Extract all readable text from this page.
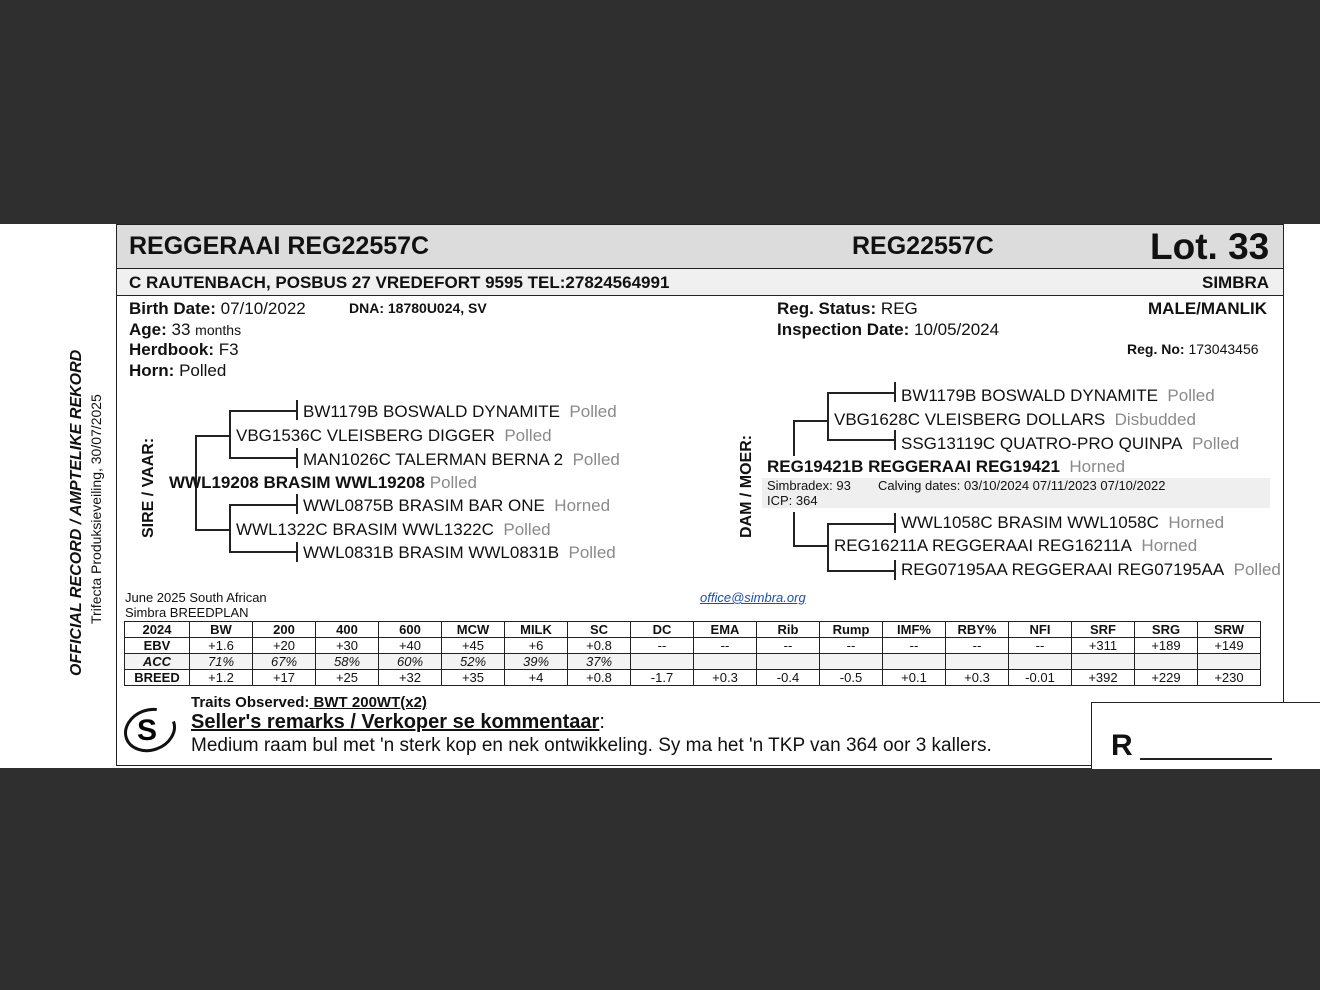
OFFICIAL RECORD / AMPTELIKE REKORD Trifecta Produksieveiling, 30/07/2025
REGGERAAI REG22557C	REG22557C	Lot. 33
C RAUTENBACH, POSBUS 27 VREDEFORT 9595 TEL:27824564991	SIMBRA
Birth Date: 07/10/2022	DNA: 18780U024, SV
Age: 33 months
Herdbook: F3
Horn: Polled
Reg. Status: REG
Inspection Date: 10/05/2024
MALE/MANLIK
Reg. No: 173043456
SIRE / VAAR:
BW1179B BOSWALD DYNAMITE Polled
VBG1536C VLEISBERG DIGGER Polled
MAN1026C TALERMAN BERNA 2 Polled
WWL19208 BRASIM WWL19208 Polled
WWL0875B BRASIM BAR ONE Horned
WWL1322C BRASIM WWL1322C Polled
WWL0831B BRASIM WWL0831B Polled
DAM / MOER:
BW1179B BOSWALD DYNAMITE Polled
VBG1628C VLEISBERG DOLLARS Disbudded
SSG13119C QUATRO-PRO QUINPA Polled
REG19421B REGGERAAI REG19421 Horned
Simbradex: 93 Calving dates: 03/10/2024 07/11/2023 07/10/2022
ICP: 364
WWL1058C BRASIM WWL1058C Horned
REG16211A REGGERAAI REG16211A Horned
REG07195AA REGGERAAI REG07195AA Polled
June 2025 South African
Simbra BREEDPLAN
office@simbra.org
2024	BW	200	400	600	MCW	MILK	SC	DC	EMA	Rib	Rump	IMF%	RBY%	NFI	SRF	SRG	SRW
EBV	+1.6	+20	+30	+40	+45	+6	+0.8	--	--	--	--	--	--	--	+311	+189	+149
ACC	71%	67%	58%	60%	52%	39%	37%										
BREED	+1.2	+17	+25	+32	+35	+4	+0.8	-1.7	+0.3	-0.4	-0.5	+0.1	+0.3	-0.01	+392	+229	+230
S
Traits Observed: BWT 200WT(x2)
Seller's remarks / Verkoper se kommentaar:
Medium raam bul met 'n sterk kop en nek ontwikkeling. Sy ma het 'n TKP van 364 oor 3 kallers.	R
